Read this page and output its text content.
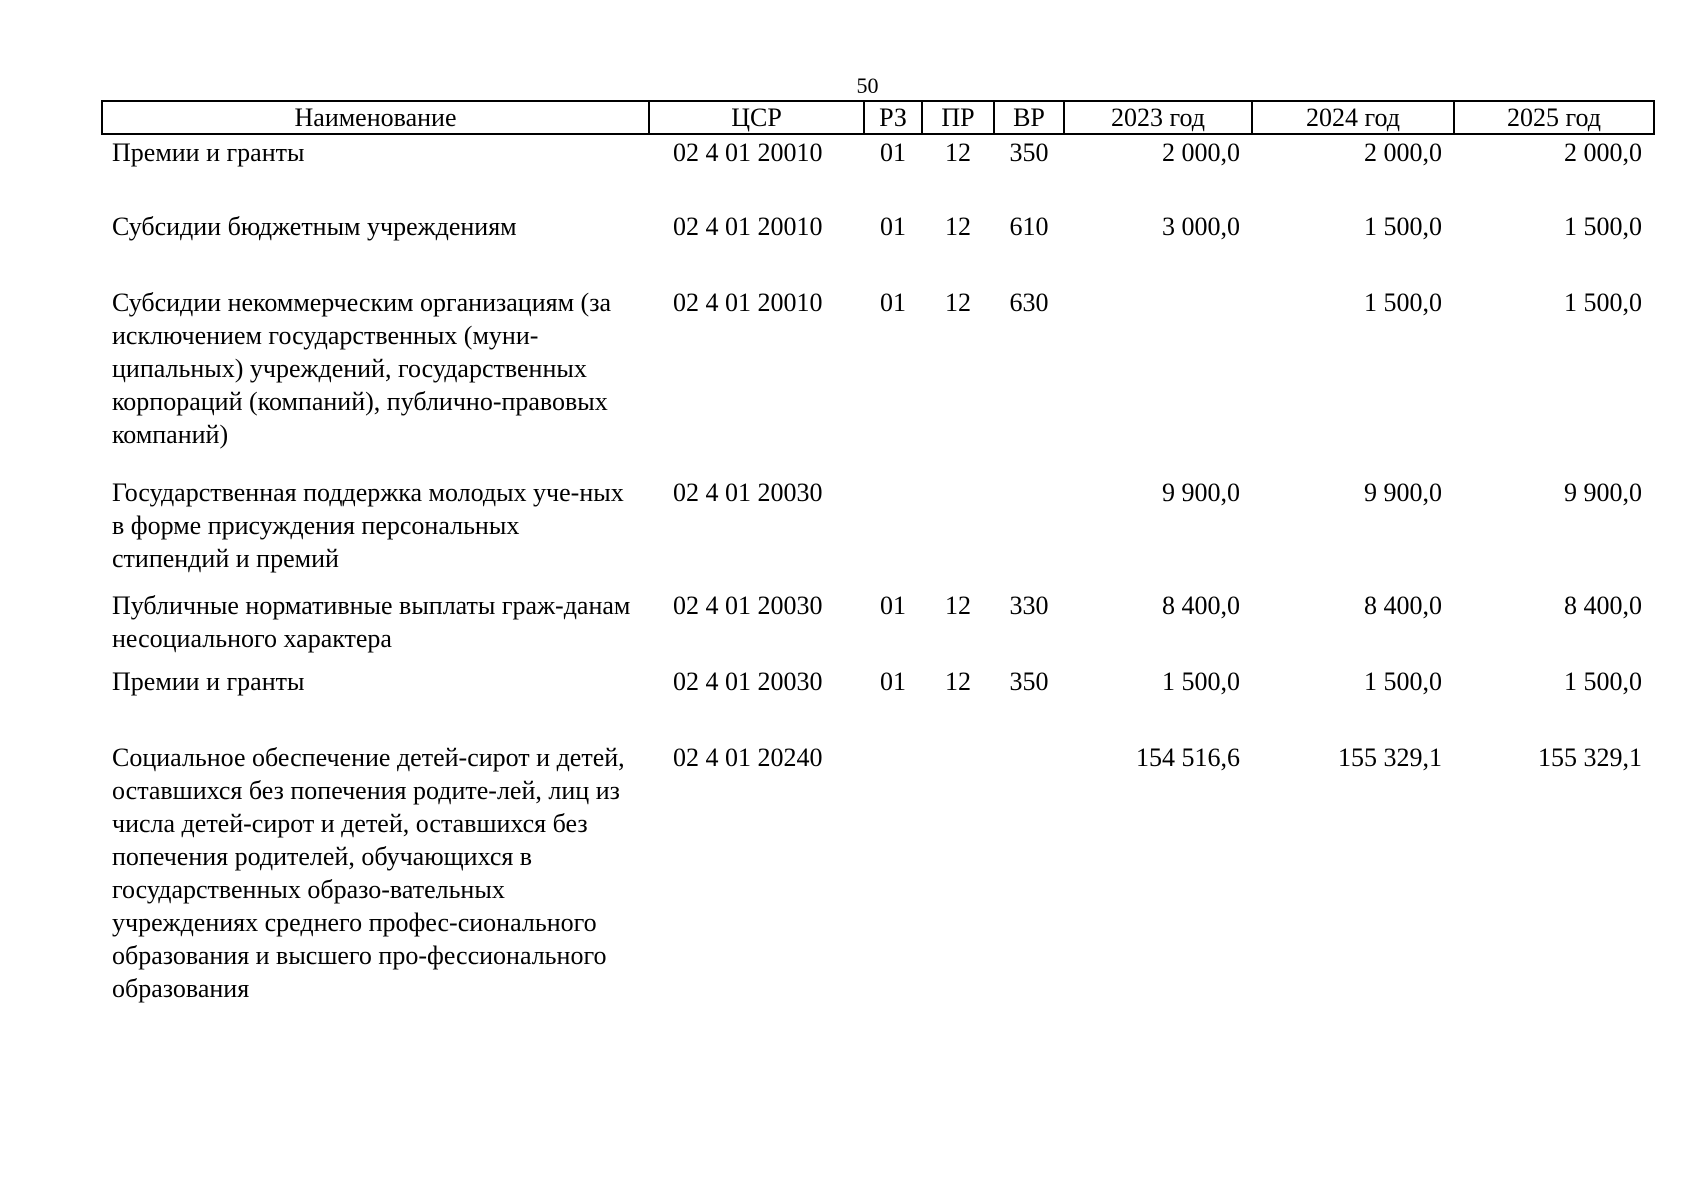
50
Наименование	ЦСР	РЗ	ПР	ВР	2023 год	2024 год	2025 год
Премии и гранты	02 4 01 20010	01	12	350	2 000,0	2 000,0	2 000,0
Субсидии бюджетным учреждениям	02 4 01 20010	01	12	610	3 000,0	1 500,0	1 500,0
Субсидии некоммерческим организациям (за исключением государственных (муни-ципальных) учреждений, государственных корпораций (компаний), публично-правовых компаний)	02 4 01 20010	01	12	630		1 500,0	1 500,0
Государственная поддержка молодых уче-ных в форме присуждения персональных стипендий и премий	02 4 01 20030				9 900,0	9 900,0	9 900,0
Публичные нормативные выплаты граж-данам несоциального характера	02 4 01 20030	01	12	330	8 400,0	8 400,0	8 400,0
Премии и гранты	02 4 01 20030	01	12	350	1 500,0	1 500,0	1 500,0
Социальное обеспечение детей-сирот и детей, оставшихся без попечения родите-лей, лиц из числа детей-сирот и детей, оставшихся без попечения родителей, обучающихся в государственных образо-вательных учреждениях среднего профес-сионального образования и высшего про-фессионального образования	02 4 01 20240				154 516,6	155 329,1	155 329,1
